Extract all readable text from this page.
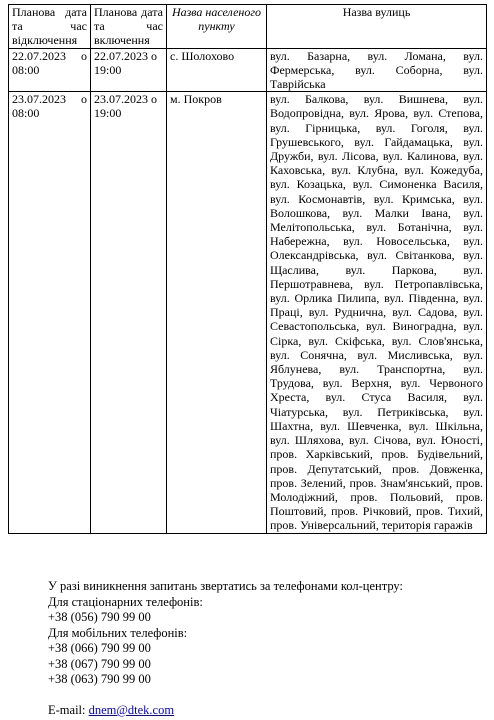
Планова дата та час відключення	Планова дата та час включення	Назва населеного пункту	Назва вулиць
22.07.2023 о 08:00	22.07.2023 о 19:00	с. Шолохово	вул. Базарна, вул. Ломана, вул. Фермерська, вул. Соборна, вул. Таврійська
23.07.2023 о 08:00	23.07.2023 о 19:00	м. Покров	вул. Балкова, вул. Вишнева, вул. Водопровідна, вул. Ярова, вул. Степова, вул. Гірницька, вул. Гоголя, вул. Грушевського, вул. Гайдамацька, вул. Дружби, вул. Лісова, вул. Калинова, вул. Каховська, вул. Клубна, вул. Кожедуба, вул. Козацька, вул. Симоненка Василя, вул. Космонавтів, вул. Кримська, вул. Волошкова, вул. Малки Івана, вул. Мелітопольська, вул. Ботанічна, вул. Набережна, вул. Новосельська, вул. Олександрівська, вул. Світанкова, вул. Щаслива, вул. Паркова, вул. Першотравнева, вул. Петропавлівська, вул. Орлика Пилипа, вул. Південна, вул. Праці, вул. Руднична, вул. Садова, вул. Севастопольська, вул. Виноградна, вул. Сірка, вул. Скіфська, вул. Слов'янська, вул. Сонячна, вул. Мисливська, вул. Яблунева, вул. Транспортна, вул. Трудова, вул. Верхня, вул. Червоного Хреста, вул. Стуса Василя, вул. Чіатурська, вул. Петриківська, вул. Шахтна, вул. Шевченка, вул. Шкільна, вул. Шляхова, вул. Січова, вул. Юності, пров. Харківський, пров. Будівельний, пров. Депутатський, пров. Довженка, пров. Зелений, пров. Знам'янський, пров. Молодіжний, пров. Польовий, пров. Поштовий, пров. Річковий, пров. Тихий, пров. Універсальний, територія гаражів
У разі виникнення запитань звертатись за телефонами кол-центру:
Для стаціонарних телефонів:
+38 (056) 790 99 00
Для мобільних телефонів:
+38 (066) 790 99 00
+38 (067) 790 99 00
+38 (063) 790 99 00
E-mail: dnem@dtek.com
